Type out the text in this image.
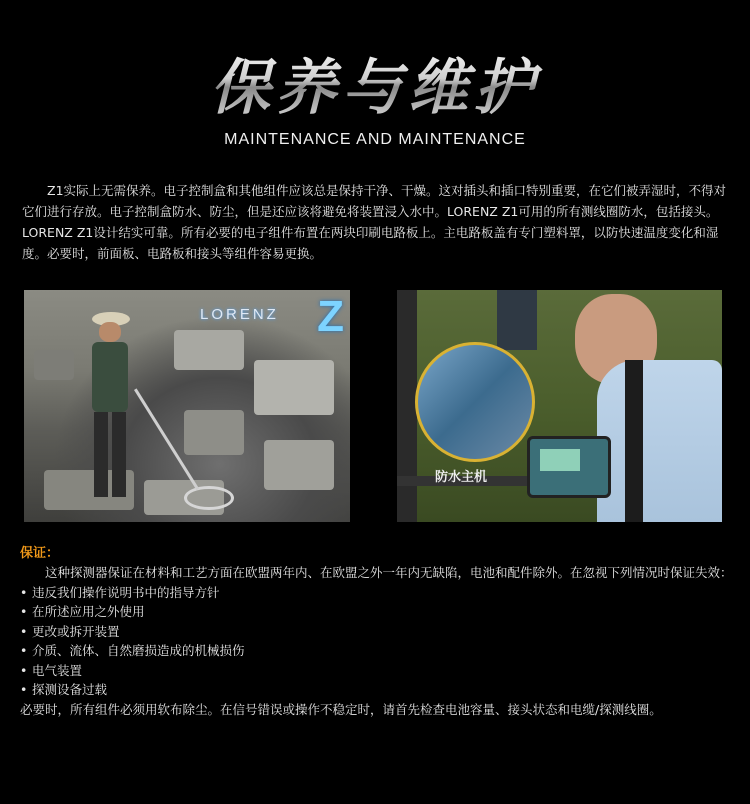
保养与维护
MAINTENANCE AND MAINTENANCE
Z1实际上无需保养。电子控制盒和其他组件应该总是保持干净、干燥。这对插头和插口特别重要，在它们被弄湿时，不得对它们进行存放。电子控制盒防水、防尘，但是还应该将避免将装置浸入水中。LORENZ Z1可用的所有测线圈防水，包括接头。LORENZ Z1设计结实可靠。所有必要的电子组件布置在两块印刷电路板上。主电路板盖有专门塑料罩，以防快速温度变化和湿度。必要时，前面板、电路板和接头等组件容易更换。
LORENZ Z
防水主机
保证：
这种探测器保证在材料和工艺方面在欧盟两年内、在欧盟之外一年内无缺陷，电池和配件除外。在忽视下列情况时保证失效：
• 违反我们操作说明书中的指导方针
• 在所述应用之外使用
• 更改或拆开装置
• 介质、流体、自然磨损造成的机械损伤
• 电气装置
• 探测设备过载
必要时，所有组件必须用软布除尘。在信号错误或操作不稳定时，请首先检查电池容量、接头状态和电缆/探测线圈。
